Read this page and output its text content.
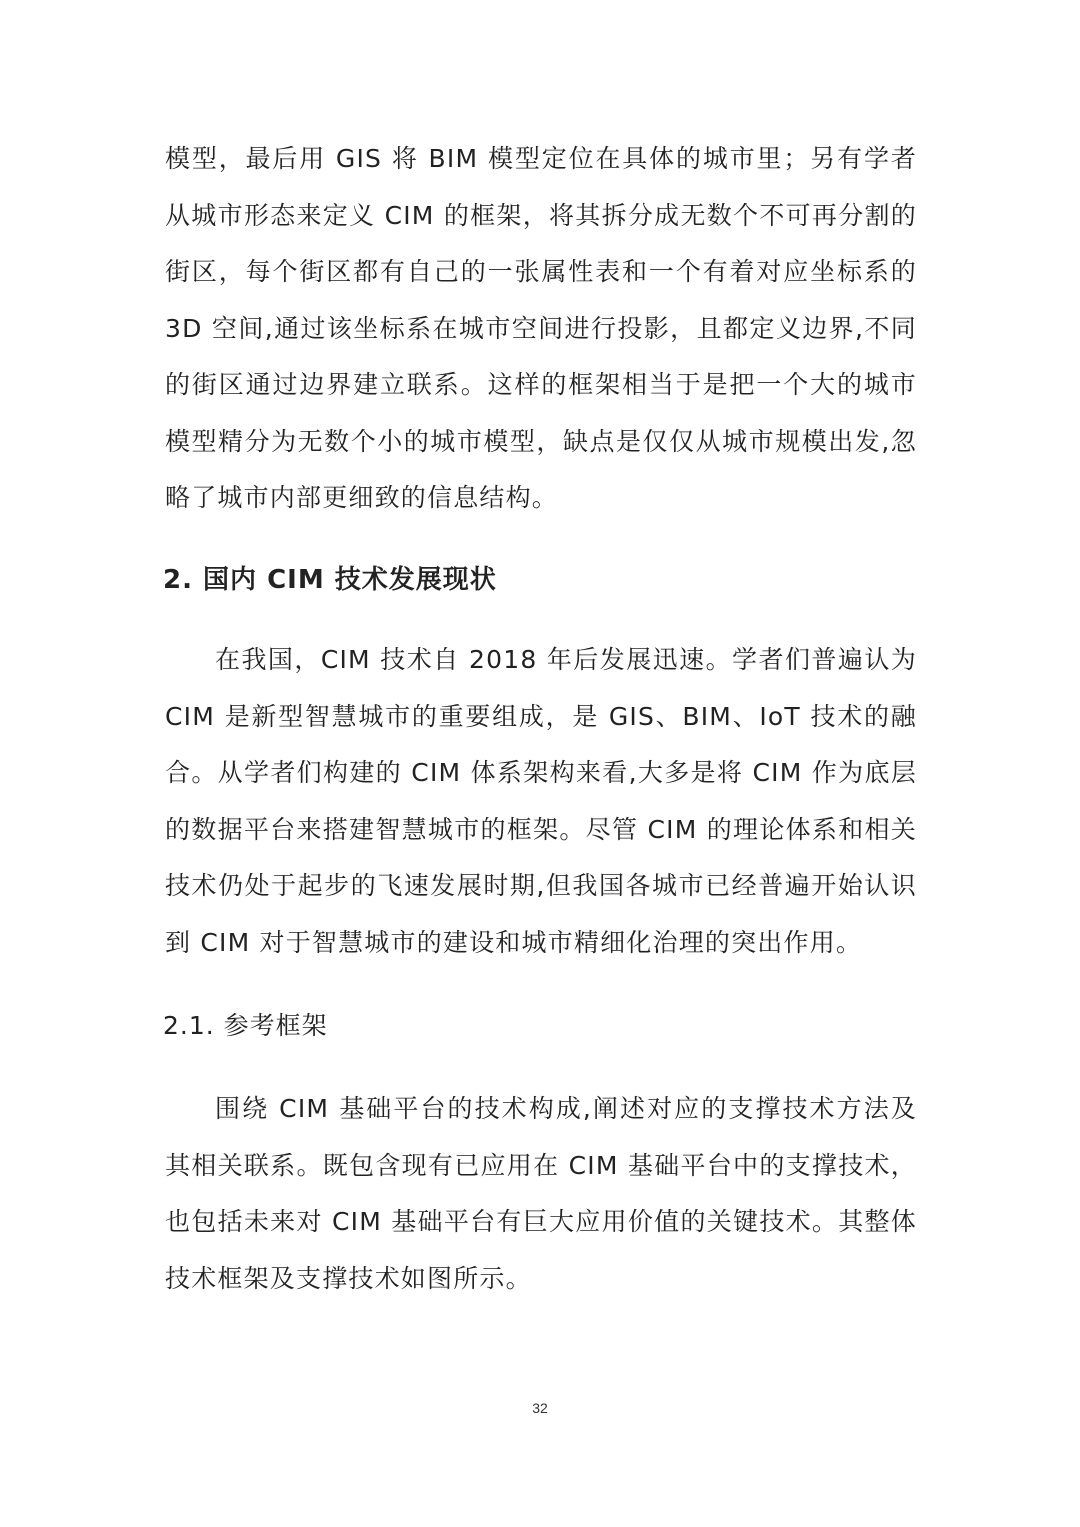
模型，最后用 GIS 将 BIM 模型定位在具体的城市里；另有学者从城市形态来定义 CIM 的框架，将其拆分成无数个不可再分割的街区，每个街区都有自己的一张属性表和一个有着对应坐标系的 3D 空间,通过该坐标系在城市空间进行投影，且都定义边界,不同的街区通过边界建立联系。这样的框架相当于是把一个大的城市模型精分为无数个小的城市模型，缺点是仅仅从城市规模出发,忽略了城市内部更细致的信息结构。

2. 国内 CIM 技术发展现状

在我国，CIM 技术自 2018 年后发展迅速。学者们普遍认为 CIM 是新型智慧城市的重要组成，是 GIS、BIM、IoT 技术的融合。从学者们构建的 CIM 体系架构来看,大多是将 CIM 作为底层的数据平台来搭建智慧城市的框架。尽管 CIM 的理论体系和相关技术仍处于起步的飞速发展时期,但我国各城市已经普遍开始认识到 CIM 对于智慧城市的建设和城市精细化治理的突出作用。

2.1. 参考框架

围绕 CIM 基础平台的技术构成,阐述对应的支撑技术方法及其相关联系。既包含现有已应用在 CIM 基础平台中的支撑技术，也包括未来对 CIM 基础平台有巨大应用价值的关键技术。其整体技术框架及支撑技术如图所示。

32
